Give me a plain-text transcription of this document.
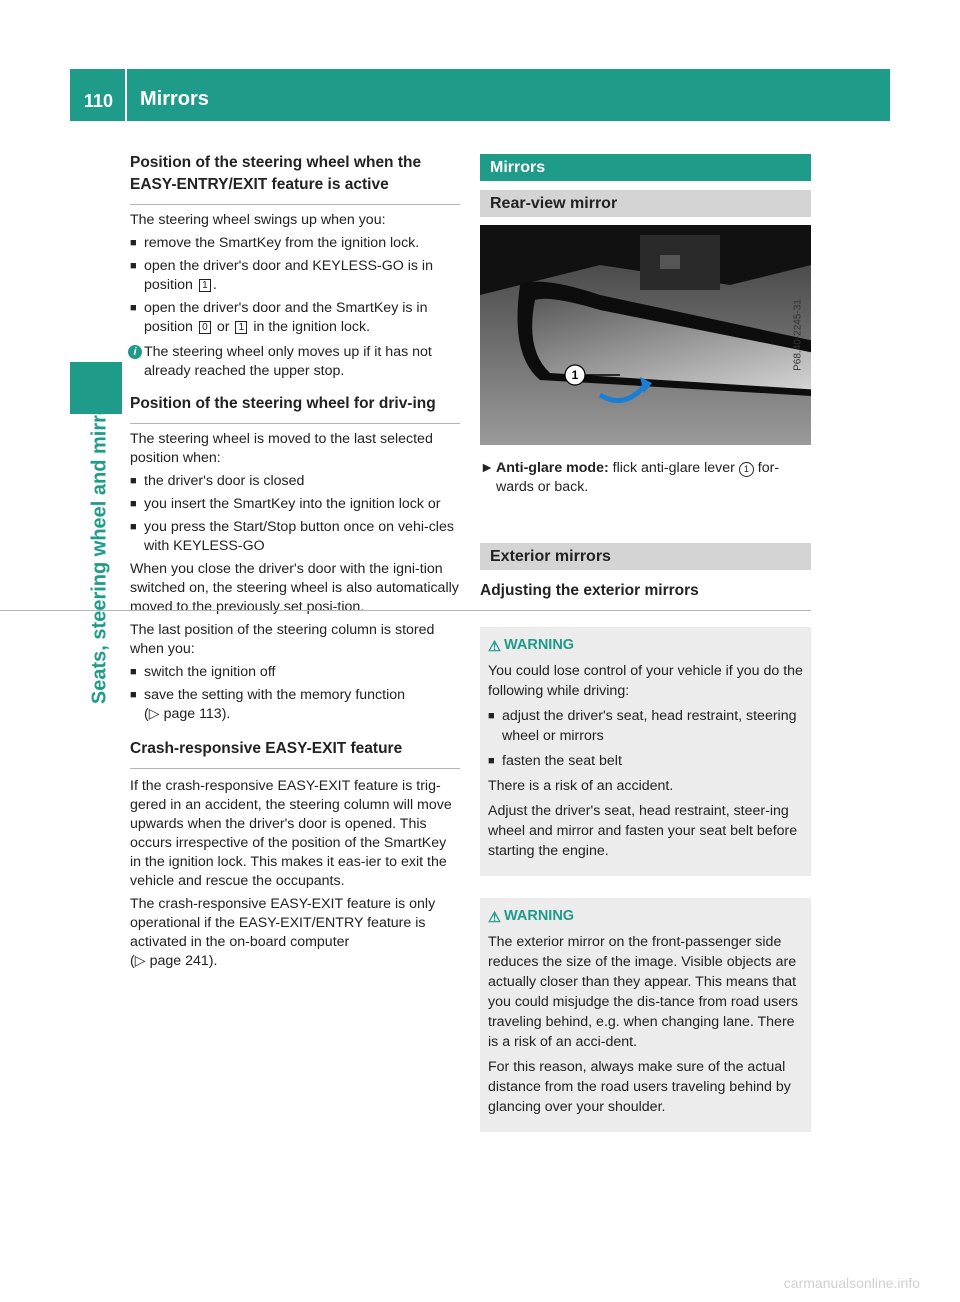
110 Mirrors
Seats, steering wheel and mirrors
Position of the steering wheel when the EASY-ENTRY/EXIT feature is active

The steering wheel swings up when you:

■ remove the SmartKey from the ignition lock.
■ open the driver's door and KEYLESS-GO is in position 1 .
■ open the driver's door and the SmartKey is in position 0 or 1 in the ignition lock.
i The steering wheel only moves up if it has not already reached the upper stop.
Position of the steering wheel for driv-ing

The steering wheel is moved to the last selected position when:

■ the driver's door is closed
■ you insert the SmartKey into the ignition lock or
■ you press the Start/Stop button once on vehi-cles with KEYLESS-GO

When you close the driver's door with the igni-tion switched on, the steering wheel is also automatically moved to the previously set posi-tion.

The last position of the steering column is stored when you:

■ switch the ignition off
■ save the setting with the memory function
(▷ page 113).
Crash-responsive EASY-EXIT feature

If the crash-responsive EASY-EXIT feature is trig-gered in an accident, the steering column will move upwards when the driver's door is opened. This occurs irrespective of the position of the SmartKey in the ignition lock. This makes it eas-ier to exit the vehicle and rescue the occupants.

The crash-responsive EASY-EXIT feature is only operational if the EASY-EXIT/ENTRY feature is activated in the on-board computer
(▷ page 241).

Mirrors
Rear-view mirror
1
P68.40-2245-31
► Anti-glare mode: flick anti-glare lever 1 for-wards or back.
Exterior mirrors
Adjusting the exterior mirrors
⚠ WARNING

You could lose control of your vehicle if you do the following while driving:

■ adjust the driver's seat, head restraint, steering wheel or mirrors
■ fasten the seat belt

There is a risk of an accident.

Adjust the driver's seat, head restraint, steer-ing wheel and mirror and fasten your seat belt before starting the engine.

⚠ WARNING

The exterior mirror on the front-passenger side reduces the size of the image. Visible objects are actually closer than they appear. This means that you could misjudge the dis-tance from road users traveling behind, e.g. when changing lane. There is a risk of an acci-dent.

For this reason, always make sure of the actual distance from the road users traveling behind by glancing over your shoulder.

carmanualsonline.info
